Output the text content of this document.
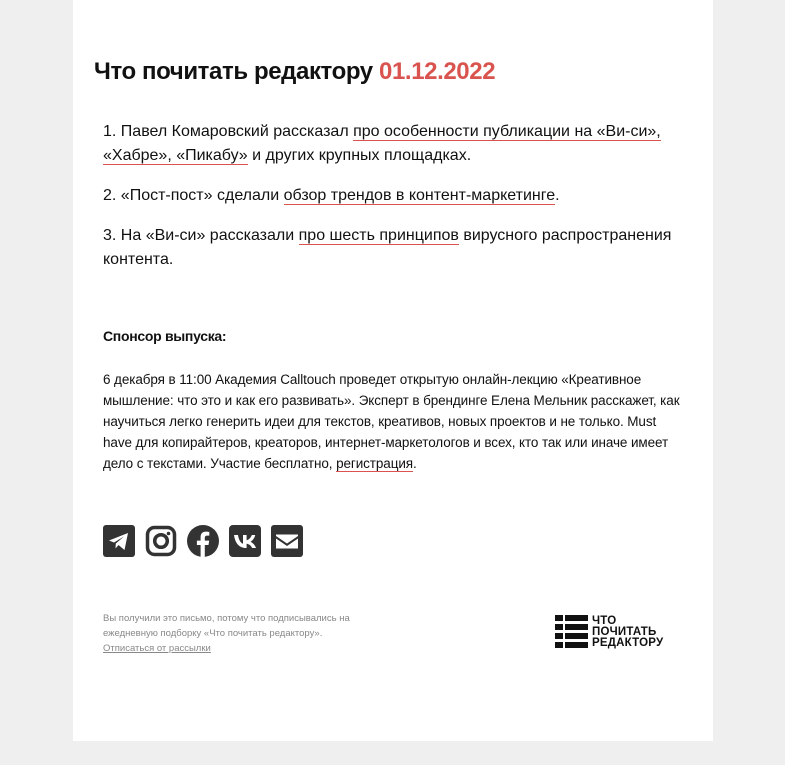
Что почитать редактору 01.12.2022

1. Павел Комаровский рассказал про особенности публикации на «Ви-си», «Хабре», «Пикабу» и других крупных площадках.

2. «Пост-пост» сделали обзор трендов в контент-маркетинге.

3. На «Ви-си» рассказали про шесть принципов вирусного распространения контента.

Спонсор выпуска:

6 декабря в 11:00 Академия Calltouch проведет открытую онлайн-лекцию «Креативное мышление: что это и как его развивать». Эксперт в брендинге Елена Мельник расскажет, как научиться легко генерить идеи для текстов, креативов, новых проектов и не только. Must have для копирайтеров, креаторов, интернет-маркетологов и всех, кто так или иначе имеет дело с текстами. Участие бесплатно, регистрация.

Вы получили это письмо, потому что подписывались на ежедневную подборку «Что почитать редактору».
Отписаться от рассылки

ЧТО
ПОЧИТАТЬ
РЕДАКТОРУ
